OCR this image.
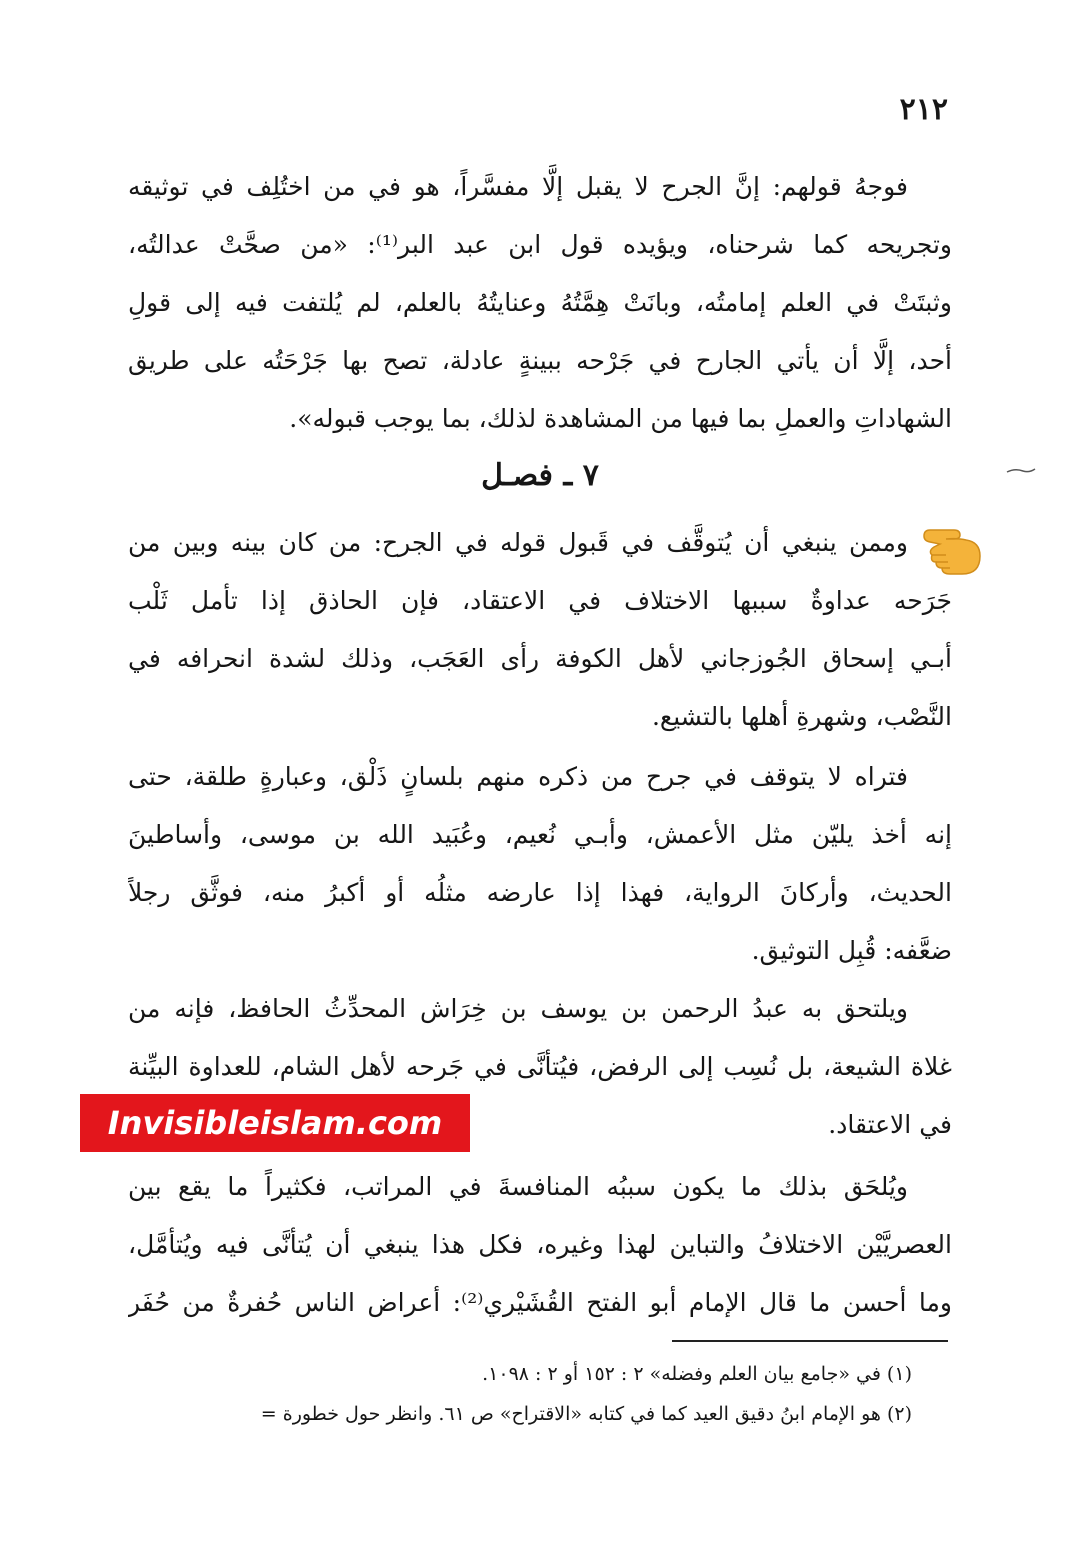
٢١٢
فوجهُ قولهم: إنَّ الجرح لا يقبل إلَّا مفسَّراً، هو في من اختُلِف في توثيقه
وتجريحه كما شرحناه، ويؤيده قول ابن عبد البر⁽¹⁾: «من صحَّتْ عدالتُه،
وثبتَتْ في العلم إمامتُه، وبانَتْ هِمَّتُهُ وعنايتُهُ بالعلم، لم يُلتفت فيه إلى قولِ
أحد، إلَّا أن يأتي الجارح في جَرْحه ببينةٍ عادلة، تصح بها جَرْحَتُه على طريق
الشهاداتِ والعملِ بما فيها من المشاهدة لذلك، بما يوجب قبوله».
٧ ـ فصـل
وممن ينبغي أن يُتوقَّف في قَبول قوله في الجرح: من كان بينه وبين من
جَرَحه عداوةٌ سببها الاختلاف في الاعتقاد، فإن الحاذق إذا تأمل ثَلْب
أبـي إسحاق الجُوزجاني لأهل الكوفة رأى العَجَب، وذلك لشدة انحرافه في
النَّصْب، وشهرةِ أهلها بالتشيع.
فتراه لا يتوقف في جرح من ذكره منهم بلسانٍ ذَلْق، وعبارةٍ طلقة، حتى
إنه أخذ يليّن مثل الأعمش، وأبـي نُعيم، وعُبَيد الله بن موسى، وأساطينَ
الحديث، وأركانَ الرواية، فهذا إذا عارضه مثلُه أو أكبرُ منه، فوثَّق رجلاً
ضعَّفه: قُبِل التوثيق.
ويلتحق به عبدُ الرحمن بن يوسف بن خِرَاش المحدِّثُ الحافظ، فإنه من
غلاة الشيعة، بل نُسِب إلى الرفض، فيُتأنَّى في جَرحه لأهل الشام، للعداوة البيِّنة
في الاعتقاد.
Invisibleislam.com
ويُلحَق بذلك ما يكون سببُه المنافسةَ في المراتب، فكثيراً ما يقع بين
العصريَّيْن الاختلافُ والتباين لهذا وغيره، فكل هذا ينبغي أن يُتأنَّى فيه ويُتأمَّل،
وما أحسن ما قال الإمام أبو الفتح القُشَيْري⁽²⁾: أعراض الناس حُفرةٌ من حُفَر
(١) في «جامع بيان العلم وفضله» ٢ : ١٥٢ أو ٢ : ١٠٩٨.
(٢) هو الإمام ابنُ دقيق العيد كما في كتابه «الاقتراح» ص ٦١. وانظر حول خطورة =
